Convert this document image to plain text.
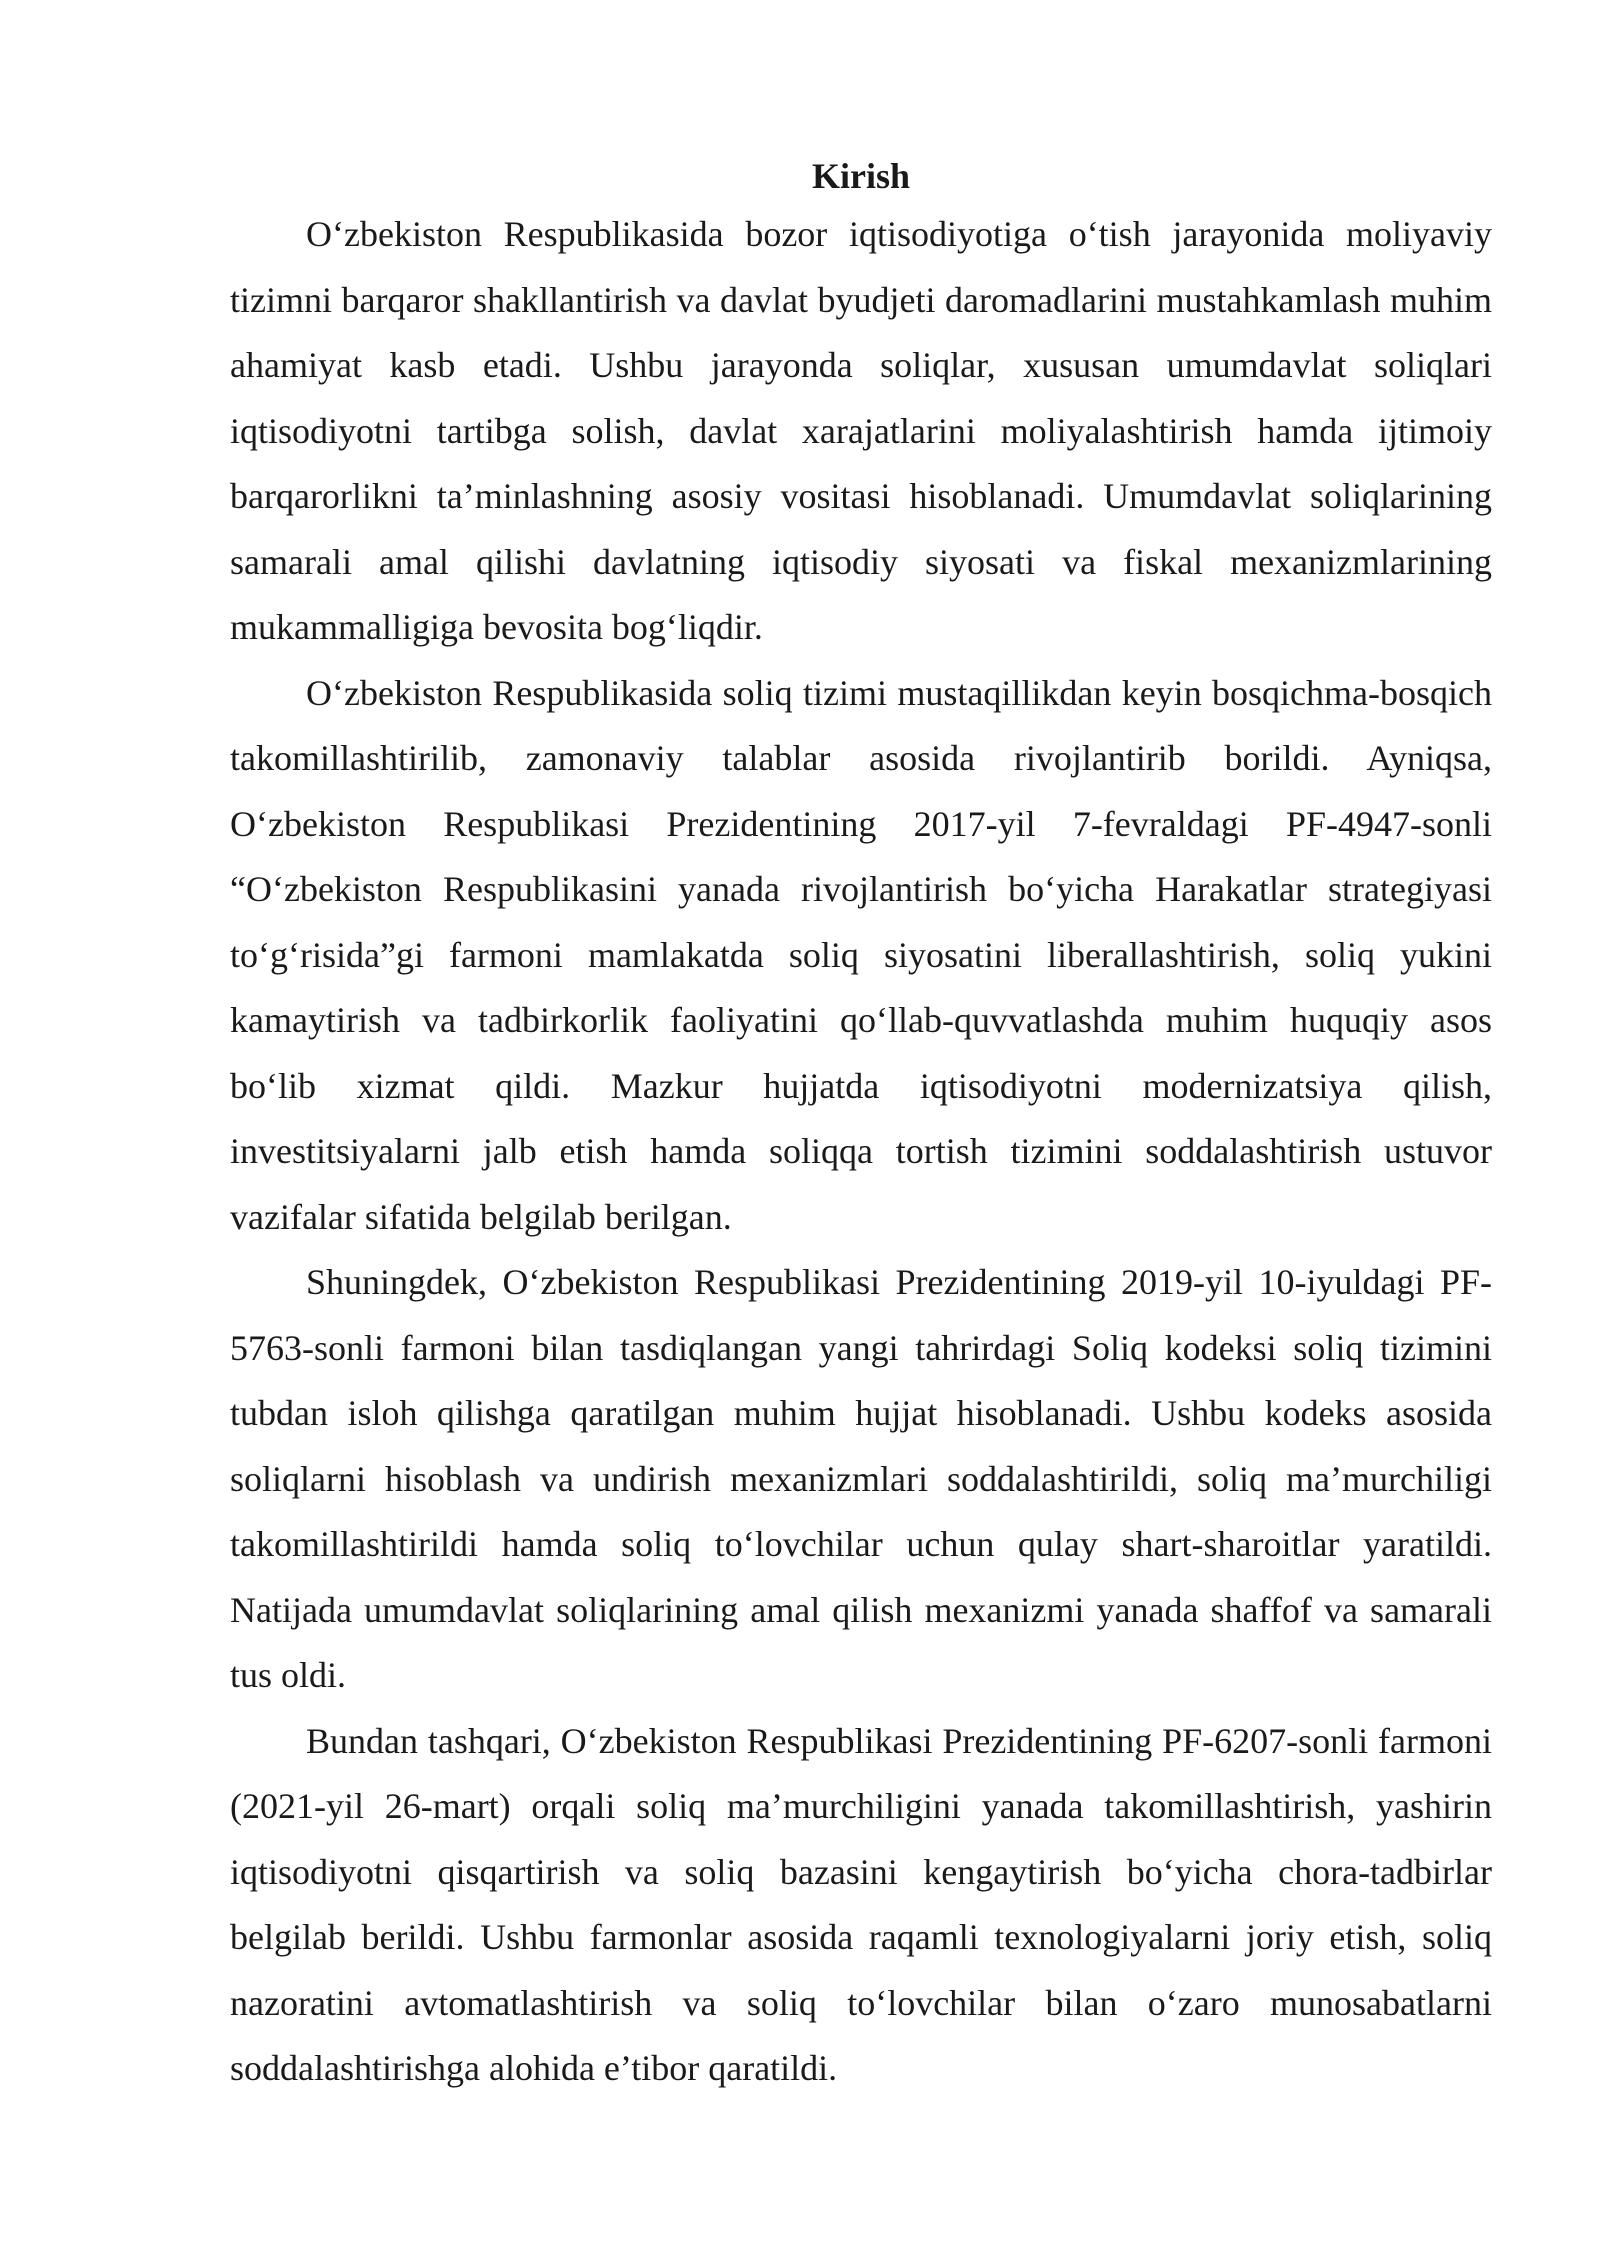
Kirish

O‘zbekiston Respublikasida bozor iqtisodiyotiga o‘tish jarayonida moliyaviy tizimni barqaror shakllantirish va davlat byudjeti daromadlarini mustahkamlash muhim ahamiyat kasb etadi. Ushbu jarayonda soliqlar, xususan umumdavlat soliqlari iqtisodiyotni tartibga solish, davlat xarajatlarini moliyalashtirish hamda ijtimoiy barqarorlikni ta’minlashning asosiy vositasi hisoblanadi. Umumdavlat soliqlarining samarali amal qilishi davlatning iqtisodiy siyosati va fiskal mexanizmlarining mukammalligiga bevosita bog‘liqdir.

O‘zbekiston Respublikasida soliq tizimi mustaqillikdan keyin bosqichma-bosqich takomillashtirilib, zamonaviy talablar asosida rivojlantirib borildi. Ayniqsa, O‘zbekiston Respublikasi Prezidentining 2017-yil 7-fevraldagi PF-4947-sonli “O‘zbekiston Respublikasini yanada rivojlantirish bo‘yicha Harakatlar strategiyasi to‘g‘risida”gi farmoni mamlakatda soliq siyosatini liberallashtirish, soliq yukini kamaytirish va tadbirkorlik faoliyatini qo‘llab-quvvatlashda muhim huquqiy asos bo‘lib xizmat qildi. Mazkur hujjatda iqtisodiyotni modernizatsiya qilish, investitsiyalarni jalb etish hamda soliqqa tortish tizimini soddalashtirish ustuvor vazifalar sifatida belgilab berilgan.

Shuningdek, O‘zbekiston Respublikasi Prezidentining 2019-yil 10-iyuldagi PF-5763-sonli farmoni bilan tasdiqlangan yangi tahrirdagi Soliq kodeksi soliq tizimini tubdan isloh qilishga qaratilgan muhim hujjat hisoblanadi. Ushbu kodeks asosida soliqlarni hisoblash va undirish mexanizmlari soddalashtirildi, soliq ma’murchiligi takomillashtirildi hamda soliq to‘lovchilar uchun qulay shart-sharoitlar yaratildi. Natijada umumdavlat soliqlarining amal qilish mexanizmi yanada shaffof va samarali tus oldi.

Bundan tashqari, O‘zbekiston Respublikasi Prezidentining PF-6207-sonli farmoni (2021-yil 26-mart) orqali soliq ma’murchiligini yanada takomillashtirish, yashirin iqtisodiyotni qisqartirish va soliq bazasini kengaytirish bo‘yicha chora-tadbirlar belgilab berildi. Ushbu farmonlar asosida raqamli texnologiyalarni joriy etish, soliq nazoratini avtomatlashtirish va soliq to‘lovchilar bilan o‘zaro munosabatlarni soddalashtirishga alohida e’tibor qaratildi.
